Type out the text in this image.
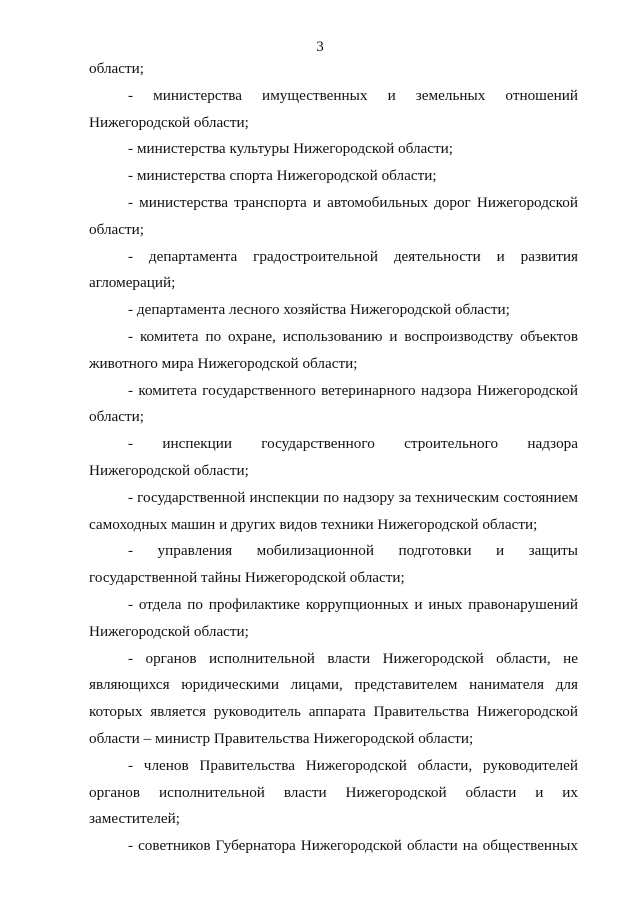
3

области;

- министерства имущественных и земельных отношений Нижегородской области;

- министерства культуры Нижегородской области;

- министерства спорта Нижегородской области;

- министерства транспорта и автомобильных дорог Нижегородской области;

- департамента градостроительной деятельности и развития агломераций;

- департамента лесного хозяйства Нижегородской области;

- комитета по охране, использованию и воспроизводству объектов животного мира Нижегородской области;

- комитета государственного ветеринарного надзора Нижегородской области;

- инспекции государственного строительного надзора Нижегородской области;

- государственной инспекции по надзору за техническим состоянием самоходных машин и других видов техники Нижегородской области;

- управления мобилизационной подготовки и защиты государственной тайны Нижегородской области;

- отдела по профилактике коррупционных и иных правонарушений Нижегородской области;

- органов исполнительной власти Нижегородской области, не являющихся юридическими лицами, представителем нанимателя для которых является руководитель аппарата Правительства Нижегородской области – министр Правительства Нижегородской области;

- членов Правительства Нижегородской области, руководителей органов исполнительной власти Нижегородской области и их заместителей;

- советников Губернатора Нижегородской области на общественных
